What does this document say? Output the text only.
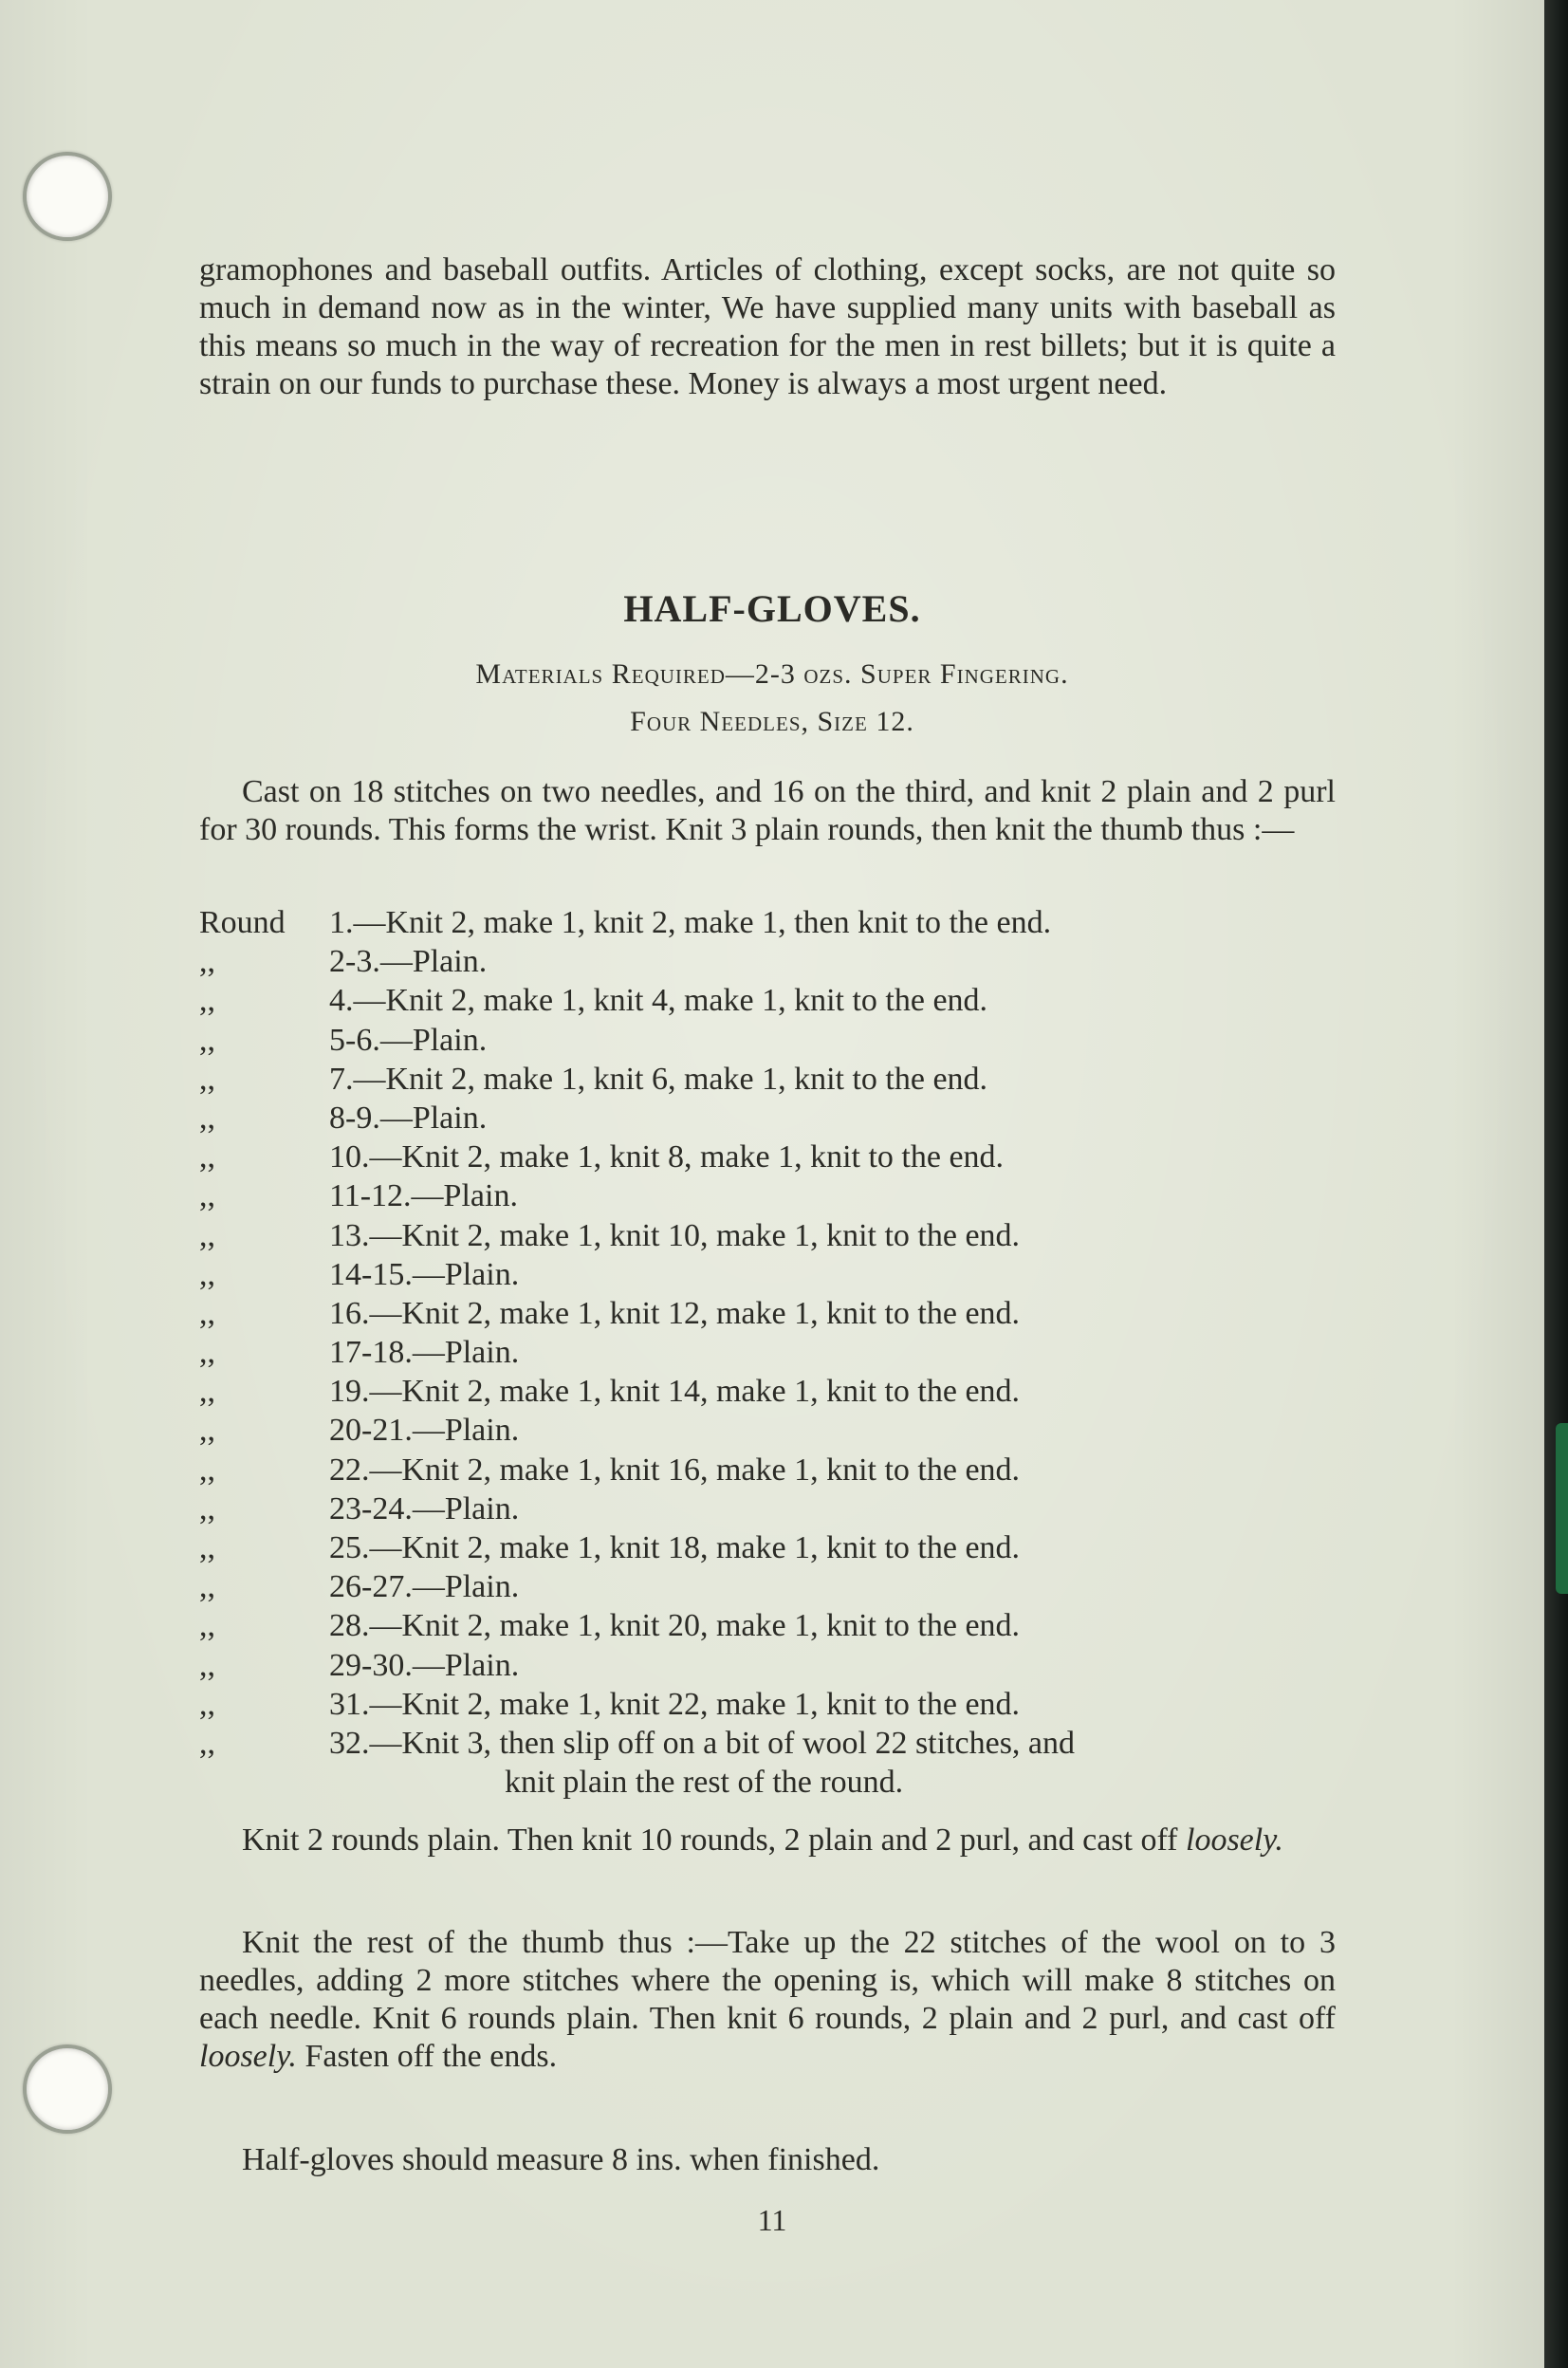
gramophones and baseball outfits. Articles of clothing, except socks, are not quite so much in demand now as in the winter, We have supplied many units with baseball as this means so much in the way of recreation for the men in rest billets; but it is quite a strain on our funds to purchase these. Money is always a most urgent need.

HALF-GLOVES.

Materials Required—2-3 ozs. Super Fingering.

Four Needles, Size 12.

Cast on 18 stitches on two needles, and 16 on the third, and knit 2 plain and 2 purl for 30 rounds. This forms the wrist. Knit 3 plain rounds, then knit the thumb thus :—

Round	1.—Knit 2, make 1, knit 2, make 1, then knit to the end.
,,	2-3.—Plain.
,,	4.—Knit 2, make 1, knit 4, make 1, knit to the end.
,,	5-6.—Plain.
,,	7.—Knit 2, make 1, knit 6, make 1, knit to the end.
,,	8-9.—Plain.
,,	10.—Knit 2, make 1, knit 8, make 1, knit to the end.
,,	11-12.—Plain.
,,	13.—Knit 2, make 1, knit 10, make 1, knit to the end.
,,	14-15.—Plain.
,,	16.—Knit 2, make 1, knit 12, make 1, knit to the end.
,,	17-18.—Plain.
,,	19.—Knit 2, make 1, knit 14, make 1, knit to the end.
,,	20-21.—Plain.
,,	22.—Knit 2, make 1, knit 16, make 1, knit to the end.
,,	23-24.—Plain.
,,	25.—Knit 2, make 1, knit 18, make 1, knit to the end.
,,	26-27.—Plain.
,,	28.—Knit 2, make 1, knit 20, make 1, knit to the end.
,,	29-30.—Plain.
,,	31.—Knit 2, make 1, knit 22, make 1, knit to the end.
,,	32.—Knit 3, then slip off on a bit of wool 22 stitches, and
knit plain the rest of the round.

Knit 2 rounds plain. Then knit 10 rounds, 2 plain and 2 purl, and cast off loosely.

Knit the rest of the thumb thus :—Take up the 22 stitches of the wool on to 3 needles, adding 2 more stitches where the opening is, which will make 8 stitches on each needle. Knit 6 rounds plain. Then knit 6 rounds, 2 plain and 2 purl, and cast off loosely. Fasten off the ends.

Half-gloves should measure 8 ins. when finished.

11
